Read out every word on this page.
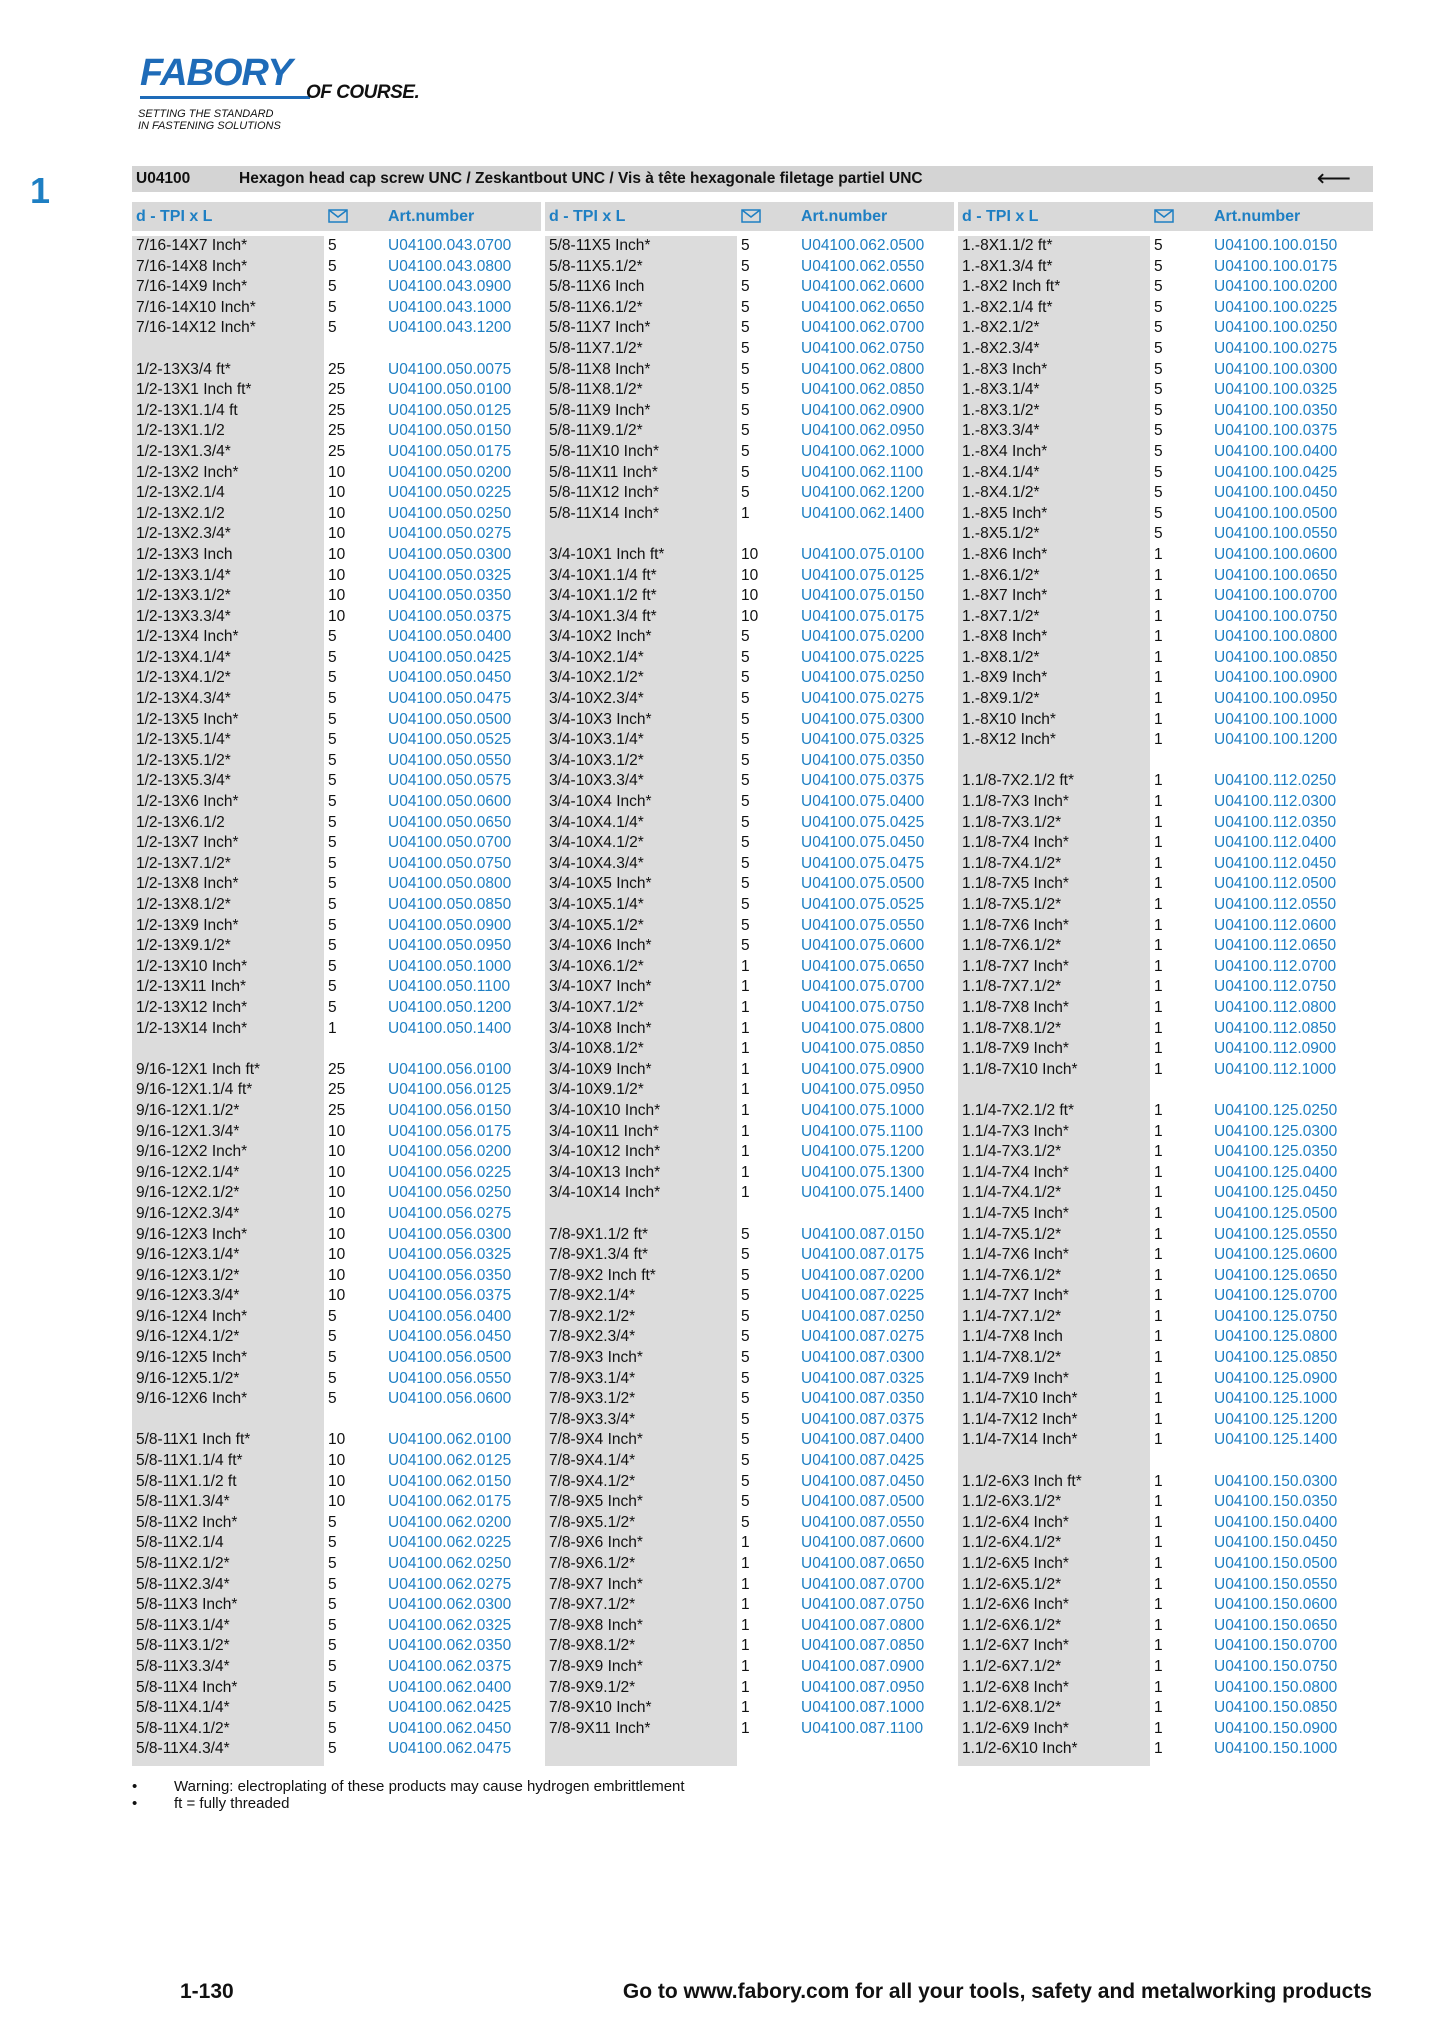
FABORY OF COURSE.
SETTING THE STANDARD
IN FASTENING SOLUTIONS
1	U04100	Hexagon head cap screw UNC / Zeskantbout UNC / Vis à tête hexagonale filetage partiel UNC	⟵
d - TPI x L	Art.number	d - TPI x L	Art.number	d - TPI x L	Art.number
7/16-14X7 Inch*	5	U04100.043.0700
7/16-14X8 Inch*	5	U04100.043.0800
7/16-14X9 Inch*	5	U04100.043.0900
7/16-14X10 Inch*	5	U04100.043.1000
7/16-14X12 Inch*	5	U04100.043.1200
1/2-13X3/4 ft*	25	U04100.050.0075
1/2-13X1 Inch ft*	25	U04100.050.0100
1/2-13X1.1/4 ft	25	U04100.050.0125
1/2-13X1.1/2	25	U04100.050.0150
1/2-13X1.3/4*	25	U04100.050.0175
1/2-13X2 Inch*	10	U04100.050.0200
1/2-13X2.1/4	10	U04100.050.0225
1/2-13X2.1/2	10	U04100.050.0250
1/2-13X2.3/4*	10	U04100.050.0275
1/2-13X3 Inch	10	U04100.050.0300
1/2-13X3.1/4*	10	U04100.050.0325
1/2-13X3.1/2*	10	U04100.050.0350
1/2-13X3.3/4*	10	U04100.050.0375
1/2-13X4 Inch*	5	U04100.050.0400
1/2-13X4.1/4*	5	U04100.050.0425
1/2-13X4.1/2*	5	U04100.050.0450
1/2-13X4.3/4*	5	U04100.050.0475
1/2-13X5 Inch*	5	U04100.050.0500
1/2-13X5.1/4*	5	U04100.050.0525
1/2-13X5.1/2*	5	U04100.050.0550
1/2-13X5.3/4*	5	U04100.050.0575
1/2-13X6 Inch*	5	U04100.050.0600
1/2-13X6.1/2	5	U04100.050.0650
1/2-13X7 Inch*	5	U04100.050.0700
1/2-13X7.1/2*	5	U04100.050.0750
1/2-13X8 Inch*	5	U04100.050.0800
1/2-13X8.1/2*	5	U04100.050.0850
1/2-13X9 Inch*	5	U04100.050.0900
1/2-13X9.1/2*	5	U04100.050.0950
1/2-13X10 Inch*	5	U04100.050.1000
1/2-13X11 Inch*	5	U04100.050.1100
1/2-13X12 Inch*	5	U04100.050.1200
1/2-13X14 Inch*	1	U04100.050.1400
9/16-12X1 Inch ft*	25	U04100.056.0100
9/16-12X1.1/4 ft*	25	U04100.056.0125
9/16-12X1.1/2*	25	U04100.056.0150
9/16-12X1.3/4*	10	U04100.056.0175
9/16-12X2 Inch*	10	U04100.056.0200
9/16-12X2.1/4*	10	U04100.056.0225
9/16-12X2.1/2*	10	U04100.056.0250
9/16-12X2.3/4*	10	U04100.056.0275
9/16-12X3 Inch*	10	U04100.056.0300
9/16-12X3.1/4*	10	U04100.056.0325
9/16-12X3.1/2*	10	U04100.056.0350
9/16-12X3.3/4*	10	U04100.056.0375
9/16-12X4 Inch*	5	U04100.056.0400
9/16-12X4.1/2*	5	U04100.056.0450
9/16-12X5 Inch*	5	U04100.056.0500
9/16-12X5.1/2*	5	U04100.056.0550
9/16-12X6 Inch*	5	U04100.056.0600
5/8-11X1 Inch ft*	10	U04100.062.0100
5/8-11X1.1/4 ft*	10	U04100.062.0125
5/8-11X1.1/2 ft	10	U04100.062.0150
5/8-11X1.3/4*	10	U04100.062.0175
5/8-11X2 Inch*	5	U04100.062.0200
5/8-11X2.1/4	5	U04100.062.0225
5/8-11X2.1/2*	5	U04100.062.0250
5/8-11X2.3/4*	5	U04100.062.0275
5/8-11X3 Inch*	5	U04100.062.0300
5/8-11X3.1/4*	5	U04100.062.0325
5/8-11X3.1/2*	5	U04100.062.0350
5/8-11X3.3/4*	5	U04100.062.0375
5/8-11X4 Inch*	5	U04100.062.0400
5/8-11X4.1/4*	5	U04100.062.0425
5/8-11X4.1/2*	5	U04100.062.0450
5/8-11X4.3/4*	5	U04100.062.0475
5/8-11X5 Inch*	5	U04100.062.0500
5/8-11X5.1/2*	5	U04100.062.0550
5/8-11X6 Inch	5	U04100.062.0600
5/8-11X6.1/2*	5	U04100.062.0650
5/8-11X7 Inch*	5	U04100.062.0700
5/8-11X7.1/2*	5	U04100.062.0750
5/8-11X8 Inch*	5	U04100.062.0800
5/8-11X8.1/2*	5	U04100.062.0850
5/8-11X9 Inch*	5	U04100.062.0900
5/8-11X9.1/2*	5	U04100.062.0950
5/8-11X10 Inch*	5	U04100.062.1000
5/8-11X11 Inch*	5	U04100.062.1100
5/8-11X12 Inch*	5	U04100.062.1200
5/8-11X14 Inch*	1	U04100.062.1400
3/4-10X1 Inch ft*	10	U04100.075.0100
3/4-10X1.1/4 ft*	10	U04100.075.0125
3/4-10X1.1/2 ft*	10	U04100.075.0150
3/4-10X1.3/4 ft*	10	U04100.075.0175
3/4-10X2 Inch*	5	U04100.075.0200
3/4-10X2.1/4*	5	U04100.075.0225
3/4-10X2.1/2*	5	U04100.075.0250
3/4-10X2.3/4*	5	U04100.075.0275
3/4-10X3 Inch*	5	U04100.075.0300
3/4-10X3.1/4*	5	U04100.075.0325
3/4-10X3.1/2*	5	U04100.075.0350
3/4-10X3.3/4*	5	U04100.075.0375
3/4-10X4 Inch*	5	U04100.075.0400
3/4-10X4.1/4*	5	U04100.075.0425
3/4-10X4.1/2*	5	U04100.075.0450
3/4-10X4.3/4*	5	U04100.075.0475
3/4-10X5 Inch*	5	U04100.075.0500
3/4-10X5.1/4*	5	U04100.075.0525
3/4-10X5.1/2*	5	U04100.075.0550
3/4-10X6 Inch*	5	U04100.075.0600
3/4-10X6.1/2*	1	U04100.075.0650
3/4-10X7 Inch*	1	U04100.075.0700
3/4-10X7.1/2*	1	U04100.075.0750
3/4-10X8 Inch*	1	U04100.075.0800
3/4-10X8.1/2*	1	U04100.075.0850
3/4-10X9 Inch*	1	U04100.075.0900
3/4-10X9.1/2*	1	U04100.075.0950
3/4-10X10 Inch*	1	U04100.075.1000
3/4-10X11 Inch*	1	U04100.075.1100
3/4-10X12 Inch*	1	U04100.075.1200
3/4-10X13 Inch*	1	U04100.075.1300
3/4-10X14 Inch*	1	U04100.075.1400
7/8-9X1.1/2 ft*	5	U04100.087.0150
7/8-9X1.3/4 ft*	5	U04100.087.0175
7/8-9X2 Inch ft*	5	U04100.087.0200
7/8-9X2.1/4*	5	U04100.087.0225
7/8-9X2.1/2*	5	U04100.087.0250
7/8-9X2.3/4*	5	U04100.087.0275
7/8-9X3 Inch*	5	U04100.087.0300
7/8-9X3.1/4*	5	U04100.087.0325
7/8-9X3.1/2*	5	U04100.087.0350
7/8-9X3.3/4*	5	U04100.087.0375
7/8-9X4 Inch*	5	U04100.087.0400
7/8-9X4.1/4*	5	U04100.087.0425
7/8-9X4.1/2*	5	U04100.087.0450
7/8-9X5 Inch*	5	U04100.087.0500
7/8-9X5.1/2*	5	U04100.087.0550
7/8-9X6 Inch*	1	U04100.087.0600
7/8-9X6.1/2*	1	U04100.087.0650
7/8-9X7 Inch*	1	U04100.087.0700
7/8-9X7.1/2*	1	U04100.087.0750
7/8-9X8 Inch*	1	U04100.087.0800
7/8-9X8.1/2*	1	U04100.087.0850
7/8-9X9 Inch*	1	U04100.087.0900
7/8-9X9.1/2*	1	U04100.087.0950
7/8-9X10 Inch*	1	U04100.087.1000
7/8-9X11 Inch*	1	U04100.087.1100
1.-8X1.1/2 ft*	5	U04100.100.0150
1.-8X1.3/4 ft*	5	U04100.100.0175
1.-8X2 Inch ft*	5	U04100.100.0200
1.-8X2.1/4 ft*	5	U04100.100.0225
1.-8X2.1/2*	5	U04100.100.0250
1.-8X2.3/4*	5	U04100.100.0275
1.-8X3 Inch*	5	U04100.100.0300
1.-8X3.1/4*	5	U04100.100.0325
1.-8X3.1/2*	5	U04100.100.0350
1.-8X3.3/4*	5	U04100.100.0375
1.-8X4 Inch*	5	U04100.100.0400
1.-8X4.1/4*	5	U04100.100.0425
1.-8X4.1/2*	5	U04100.100.0450
1.-8X5 Inch*	5	U04100.100.0500
1.-8X5.1/2*	5	U04100.100.0550
1.-8X6 Inch*	1	U04100.100.0600
1.-8X6.1/2*	1	U04100.100.0650
1.-8X7 Inch*	1	U04100.100.0700
1.-8X7.1/2*	1	U04100.100.0750
1.-8X8 Inch*	1	U04100.100.0800
1.-8X8.1/2*	1	U04100.100.0850
1.-8X9 Inch*	1	U04100.100.0900
1.-8X9.1/2*	1	U04100.100.0950
1.-8X10 Inch*	1	U04100.100.1000
1.-8X12 Inch*	1	U04100.100.1200
1.1/8-7X2.1/2 ft*	1	U04100.112.0250
1.1/8-7X3 Inch*	1	U04100.112.0300
1.1/8-7X3.1/2*	1	U04100.112.0350
1.1/8-7X4 Inch*	1	U04100.112.0400
1.1/8-7X4.1/2*	1	U04100.112.0450
1.1/8-7X5 Inch*	1	U04100.112.0500
1.1/8-7X5.1/2*	1	U04100.112.0550
1.1/8-7X6 Inch*	1	U04100.112.0600
1.1/8-7X6.1/2*	1	U04100.112.0650
1.1/8-7X7 Inch*	1	U04100.112.0700
1.1/8-7X7.1/2*	1	U04100.112.0750
1.1/8-7X8 Inch*	1	U04100.112.0800
1.1/8-7X8.1/2*	1	U04100.112.0850
1.1/8-7X9 Inch*	1	U04100.112.0900
1.1/8-7X10 Inch*	1	U04100.112.1000
1.1/4-7X2.1/2 ft*	1	U04100.125.0250
1.1/4-7X3 Inch*	1	U04100.125.0300
1.1/4-7X3.1/2*	1	U04100.125.0350
1.1/4-7X4 Inch*	1	U04100.125.0400
1.1/4-7X4.1/2*	1	U04100.125.0450
1.1/4-7X5 Inch*	1	U04100.125.0500
1.1/4-7X5.1/2*	1	U04100.125.0550
1.1/4-7X6 Inch*	1	U04100.125.0600
1.1/4-7X6.1/2*	1	U04100.125.0650
1.1/4-7X7 Inch*	1	U04100.125.0700
1.1/4-7X7.1/2*	1	U04100.125.0750
1.1/4-7X8 Inch	1	U04100.125.0800
1.1/4-7X8.1/2*	1	U04100.125.0850
1.1/4-7X9 Inch*	1	U04100.125.0900
1.1/4-7X10 Inch*	1	U04100.125.1000
1.1/4-7X12 Inch*	1	U04100.125.1200
1.1/4-7X14 Inch*	1	U04100.125.1400
1.1/2-6X3 Inch ft*	1	U04100.150.0300
1.1/2-6X3.1/2*	1	U04100.150.0350
1.1/2-6X4 Inch*	1	U04100.150.0400
1.1/2-6X4.1/2*	1	U04100.150.0450
1.1/2-6X5 Inch*	1	U04100.150.0500
1.1/2-6X5.1/2*	1	U04100.150.0550
1.1/2-6X6 Inch*	1	U04100.150.0600
1.1/2-6X6.1/2*	1	U04100.150.0650
1.1/2-6X7 Inch*	1	U04100.150.0700
1.1/2-6X7.1/2*	1	U04100.150.0750
1.1/2-6X8 Inch*	1	U04100.150.0800
1.1/2-6X8.1/2*	1	U04100.150.0850
1.1/2-6X9 Inch*	1	U04100.150.0900
1.1/2-6X10 Inch*	1	U04100.150.1000
• Warning: electroplating of these products may cause hydrogen embrittlement
• ft = fully threaded
1-130	Go to www.fabory.com for all your tools, safety and metalworking products
